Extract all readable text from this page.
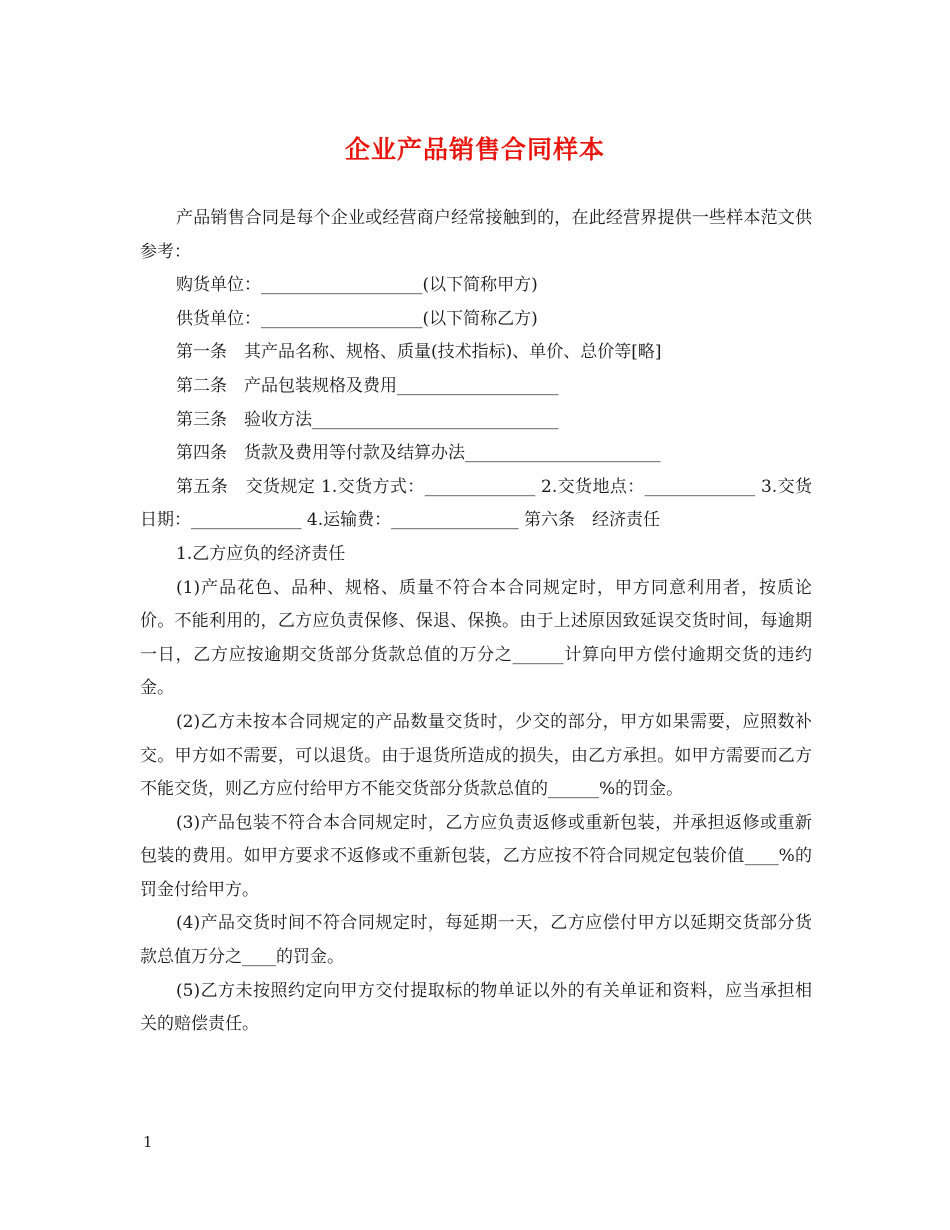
企业产品销售合同样本

产品销售合同是每个企业或经营商户经常接触到的，在此经营界提供一些样本范文供参考：

购货单位：___________________(以下简称甲方)

供货单位：___________________(以下简称乙方)

第一条　其产品名称、规格、质量(技术指标)、单价、总价等[略]

第二条　产品包装规格及费用___________________

第三条　验收方法_____________________________

第四条　货款及费用等付款及结算办法_______________________

第五条　交货规定 1.交货方式：_____________ 2.交货地点：_____________ 3.交货日期：_____________ 4.运输费：_______________ 第六条　经济责任

1.乙方应负的经济责任

(1)产品花色、品种、规格、质量不符合本合同规定时，甲方同意利用者，按质论价。不能利用的，乙方应负责保修、保退、保换。由于上述原因致延误交货时间，每逾期一日，乙方应按逾期交货部分货款总值的万分之______计算向甲方偿付逾期交货的违约金。

(2)乙方未按本合同规定的产品数量交货时，少交的部分，甲方如果需要，应照数补交。甲方如不需要，可以退货。由于退货所造成的损失，由乙方承担。如甲方需要而乙方不能交货，则乙方应付给甲方不能交货部分货款总值的______%的罚金。

(3)产品包装不符合本合同规定时，乙方应负责返修或重新包装，并承担返修或重新包装的费用。如甲方要求不返修或不重新包装，乙方应按不符合同规定包装价值____%的罚金付给甲方。

(4)产品交货时间不符合同规定时，每延期一天，乙方应偿付甲方以延期交货部分货款总值万分之____的罚金。

(5)乙方未按照约定向甲方交付提取标的物单证以外的有关单证和资料，应当承担相关的赔偿责任。

1
